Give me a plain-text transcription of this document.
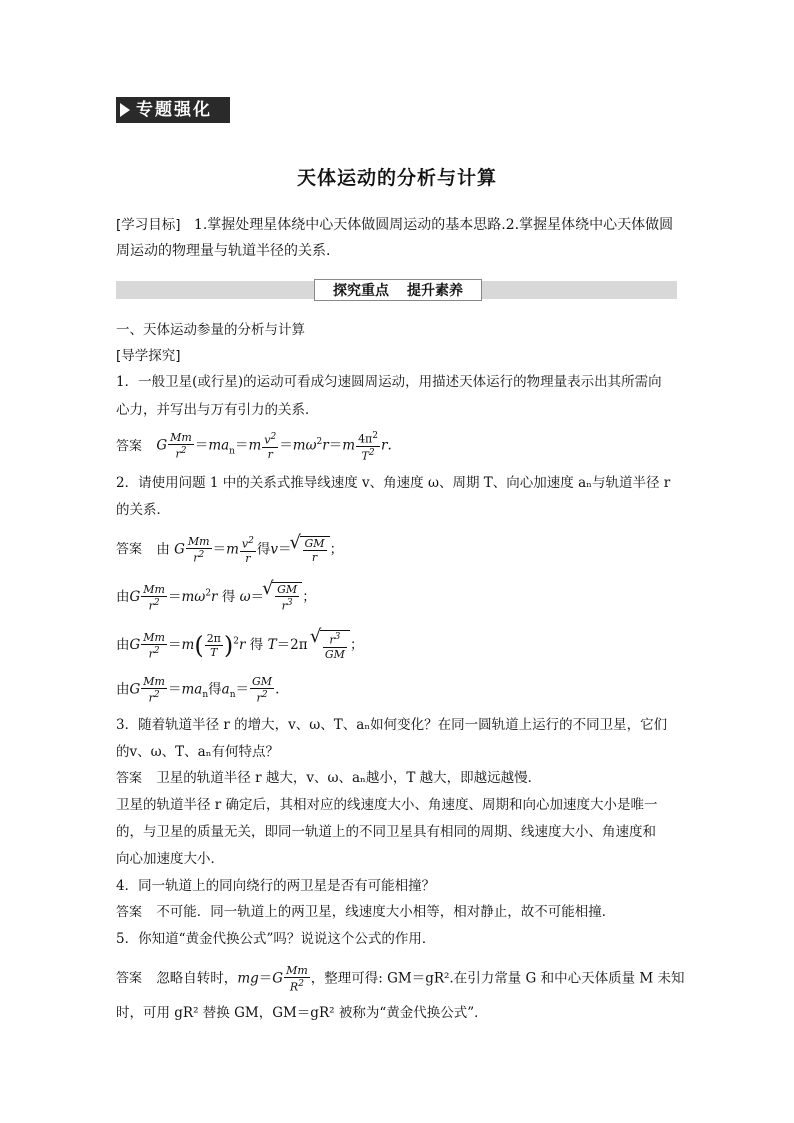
专题强化
天体运动的分析与计算
[学习目标] 1.掌握处理星体绕中心天体做圆周运动的基本思路.2.掌握星体绕中心天体做圆周运动的物理量与轨道半径的关系.
探究重点 提升素养
一、天体运动参量的分析与计算
[导学探究]
1．一般卫星(或行星)的运动可看成匀速圆周运动，用描述天体运行的物理量表示出其所需向
心力，并写出与万有引力的关系．
答案 G $\frac{Mm}{r^2} =ma_n=m \frac{v^2}{r} =m\omega^2r=m \frac{4\pi^2}{T^2} r$.
2．请使用问题 1 中的关系式推导线速度 v、角速度 ω、周期 T、向心加速度 aₙ与轨道半径 r
的关系．
答案 由 G $\frac{Mm}{r^2} =m \frac{v^2}{r}$ 得v＝ √ $\frac{GM}{r}$ ；
由G $\frac{Mm}{r^2} =m\omega^2r$ 得 ω＝ √ $\frac{GM}{r^3}$ ；
由G $\frac{Mm}{r^2} =m( \frac{2\pi}{T} )^2r$ 得 T＝2π √ $\frac{r^3}{GM}$ ；
由G $\frac{Mm}{r^2} =ma_n$得$a_n= \frac{GM}{r^2}$ .
3．随着轨道半径 r 的增大，v、ω、T、aₙ如何变化？在同一圆轨道上运行的不同卫星，它们
的v、ω、T、aₙ有何特点？
答案 卫星的轨道半径 r 越大，v、ω、aₙ越小，T 越大，即越远越慢．
卫星的轨道半径 r 确定后，其相对应的线速度大小、角速度、周期和向心加速度大小是唯一
的，与卫星的质量无关，即同一轨道上的不同卫星具有相同的周期、线速度大小、角速度和
向心加速度大小．
4．同一轨道上的同向绕行的两卫星是否有可能相撞？
答案 不可能．同一轨道上的两卫星，线速度大小相等，相对静止，故不可能相撞．
5．你知道“黄金代换公式”吗？说说这个公式的作用．
答案 忽略自转时，$mg=G \frac{Mm}{R^2}$ ，整理可得: GM＝gR².在引力常量 G 和中心天体质量 M 未知
时，可用 gR² 替换 GM，GM＝gR² 被称为“黄金代换公式”．
